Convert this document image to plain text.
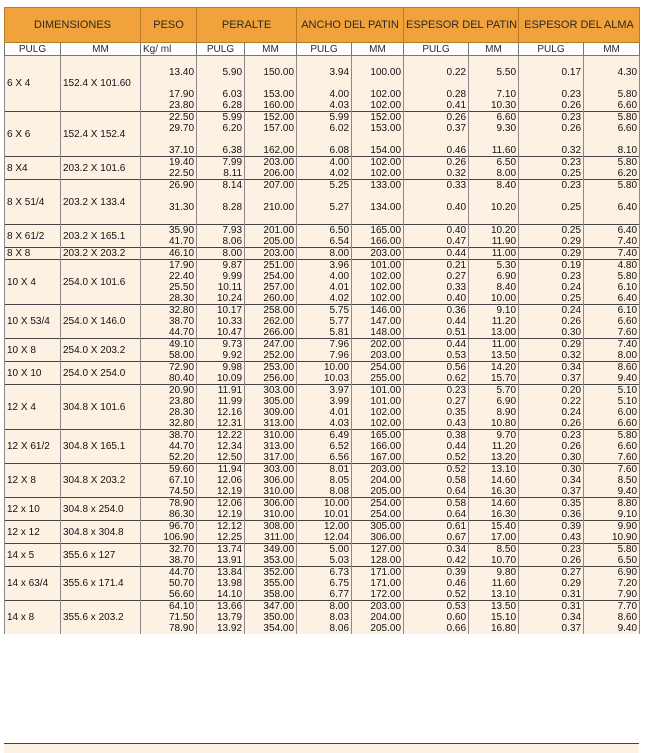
DIMENSIONES		PESO	PERALTE		ANCHO DEL PATIN		ESPESOR DEL PATIN		ESPESOR DEL ALMA	
PULG	MM	Kg/ ml	PULG	MM	PULG	MM	PULG	MM	PULG	MM
6 X 4	152.4 X 101.60									
		13.40	5.90	150.00	3.94	100.00	0.22	5.50	0.17	4.30

		17.90	6.03	153.00	4.00	102.00	0.28	7.10	0.23	5.80
		23.80	6.28	160.00	4.03	102.00	0.41	10.30	0.26	6.60
6 X 6	152.4 X 152.4	22.50	5.99	152.00	5.99	152.00	0.26	6.60	0.23	5.80
		29.70	6.20	157.00	6.02	153.00	0.37	9.30	0.26	6.60

		37.10	6.38	162.00	6.08	154.00	0.46	11.60	0.32	8.10
8 X4	203.2 X 101.6	19.40	7.99	203.00	4.00	102.00	0.26	6.50	0.23	5.80
		22.50	8.11	206.00	4.02	102.00	0.32	8.00	0.25	6.20
8 X 51/4	203.2 X 133.4	26.90	8.14	207.00	5.25	133.00	0.33	8.40	0.23	5.80

		31.30	8.28	210.00	5.27	134.00	0.40	10.20	0.25	6.40

8 X 61/2	203.2 X 165.1	35.90	7.93	201.00	6.50	165.00	0.40	10.20	0.25	6.40
		41.70	8.06	205.00	6.54	166.00	0.47	11.90	0.29	7.40
8 X 8	203.2 X 203.2	46.10	8.00	203.00	8.00	203.00	0.44	11.00	0.29	7.40
10 X 4	254.0 X 101.6	17.90	9.87	251.00	3.96	101.00	0.21	5.30	0.19	4.80
		22.40	9.99	254.00	4.00	102.00	0.27	6.90	0.23	5.80
		25.50	10.11	257.00	4.01	102.00	0.33	8.40	0.24	6.10
		28.30	10.24	260.00	4.02	102.00	0.40	10.00	0.25	6.40
10 X 53/4	254.0 X 146.0	32.80	10.17	258.00	5.75	146.00	0.36	9.10	0.24	6.10
		38.70	10.33	262.00	5.77	147.00	0.44	11.20	0.26	6.60
		44.70	10.47	266.00	5.81	148.00	0.51	13.00	0.30	7.60
10 X 8	254.0 X 203.2	49.10	9.73	247.00	7.96	202.00	0.44	11.00	0.29	7.40
		58.00	9.92	252.00	7.96	203.00	0.53	13.50	0.32	8.00
10 X 10	254.0 X 254.0	72.90	9.98	253.00	10.00	254.00	0.56	14.20	0.34	8.60
		80.40	10.09	256.00	10.03	255.00	0.62	15.70	0.37	9.40
12 X 4	304.8 X 101.6	20.90	11.91	303.00	3.97	101.00	0.23	5.70	0.20	5.10
		23.80	11.99	305.00	3.99	101.00	0.27	6.90	0.22	5.10
		28.30	12.16	309.00	4.01	102.00	0.35	8.90	0.24	6.00
		32.80	12.31	313.00	4.03	102.00	0.43	10.80	0.26	6.60
12 X 61/2	304.8 X 165.1	38.70	12.22	310.00	6.49	165.00	0.38	9.70	0.23	5.80
		44.70	12.34	313.00	6.52	166.00	0.44	11.20	0.26	6.60
		52.20	12.50	317.00	6.56	167.00	0.52	13.20	0.30	7.60
12 X 8	304.8 X 203.2	59.60	11.94	303.00	8.01	203.00	0.52	13.10	0.30	7.60
		67.10	12.06	306.00	8.05	204.00	0.58	14.60	0.34	8.50
		74.50	12.19	310.00	8.08	205.00	0.64	16.30	0.37	9.40
12 x 10	304.8 x 254.0	78.90	12.06	306.00	10.00	254.00	0.58	14.60	0.35	8.80
		86.30	12.19	310.00	10.01	254.00	0.64	16.30	0.36	9.10
12 x 12	304.8 x 304.8	96.70	12.12	308.00	12.00	305.00	0.61	15.40	0.39	9.90
		106.90	12.25	311.00	12.04	306.00	0.67	17.00	0.43	10.90
14 x 5	355.6 x 127	32.70	13.74	349.00	5.00	127.00	0.34	8.50	0.23	5.80
		38.70	13.91	353.00	5.03	128.00	0.42	10.70	0.26	6.50
14 x 63/4	355.6 x 171.4	44.70	13.84	352.00	6.73	171.00	0.39	9.80	0.27	6.90
		50.70	13.98	355.00	6.75	171.00	0.46	11.60	0.29	7.20
		56.60	14.10	358.00	6.77	172.00	0.52	13.10	0.31	7.90
14 x 8	355.6 x 203.2	64.10	13.66	347.00	8.00	203.00	0.53	13.50	0.31	7.70
		71.50	13.79	350.00	8.03	204.00	0.60	15.10	0.34	8.60
		78.90	13.92	354.00	8.06	205.00	0.66	16.80	0.37	9.40
